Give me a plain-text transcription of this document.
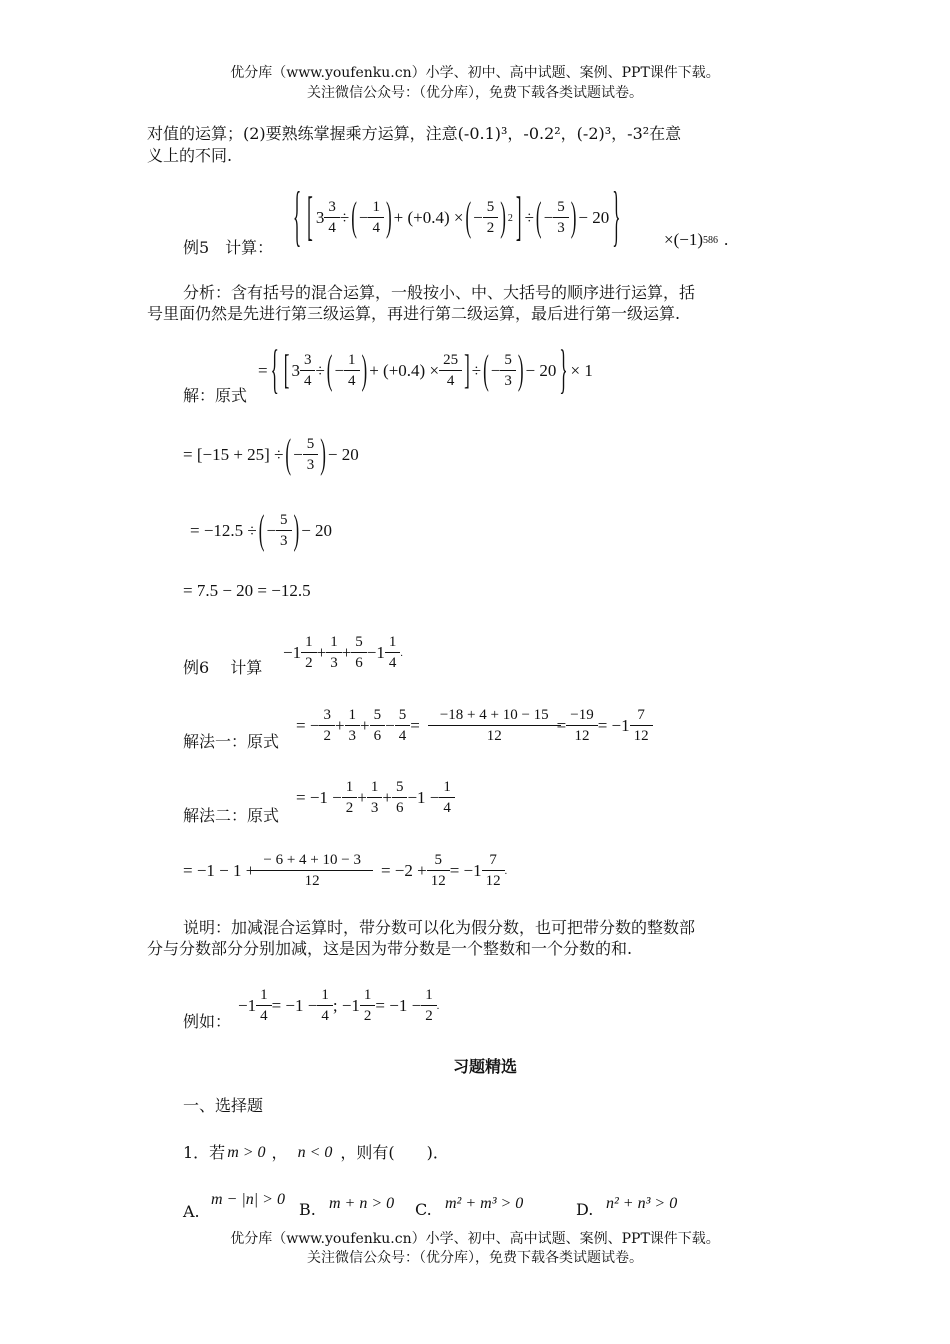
优分库（www.youfenku.cn）小学、初中、高中试题、案例、PPT课件下载。
关注微信公众号：（优分库），免费下载各类试题试卷。
对值的运算；(2)要熟练掌握乘方运算，注意(-0.1)³，-0.2²，(-2)³，-3²在意
义上的不同.
例5　计算： { [ 3
3
4
÷ ( −
1
4 ) + (+0.4) × ( −
5
2 ) 2 ] ÷ ( −
5
3 ) − 20 }	×(−1) 586 .
分析：含有括号的混合运算，一般按小、中、大括号的顺序进行运算，括
号里面仍然是先进行第三级运算，再进行第二级运算，最后进行第一级运算.
解：原式
= { [ 3
3
4
÷ ( −
1
4 ) + (+0.4) ×
25
4 ] ÷ ( −
5
3 ) − 20 } × 1
= [−15 + 25] ÷ ( −
5
3 ) − 20
= −12.5 ÷ ( −
5
3 ) − 20
= 7.5 − 20 = −12.5
例6　 计算
−1
1
2
+
1
3
+
5
6
−1
1
4
.
解法一：原式
= −
3
2
+
1
3
+
5
6
−
5
4
=
−18 + 4 + 10 − 15
12
=
−19
12
= −1
7
12
解法二：原式
= −1 −
1
2
+
1
3
+
5
6
−1 −
1
4
= $-1 - 1 + \frac{- 6 + 4 + 10 - 3}{12} = -2 + \frac{5}{12} = -1$
7
12
.
说明：加减混合运算时，带分数可以化为假分数，也可把带分数的整数部
分与分数部分分别加减，这是因为带分数是一个整数和一个分数的和.
例如：
−1
1
4
= −1 −
1
4
; −1
1
2
= −1 −
1
2
.
习题精选
一、选择题
1．若 m > 0 ， n < 0 ，则有(　　)．
A.
m − |n| > 0
B. m + n > 0 C. m² + m³ > 0	D. n² + n³ > 0
优分库（www.youfenku.cn）小学、初中、高中试题、案例、PPT课件下载。
关注微信公众号：（优分库），免费下载各类试题试卷。
